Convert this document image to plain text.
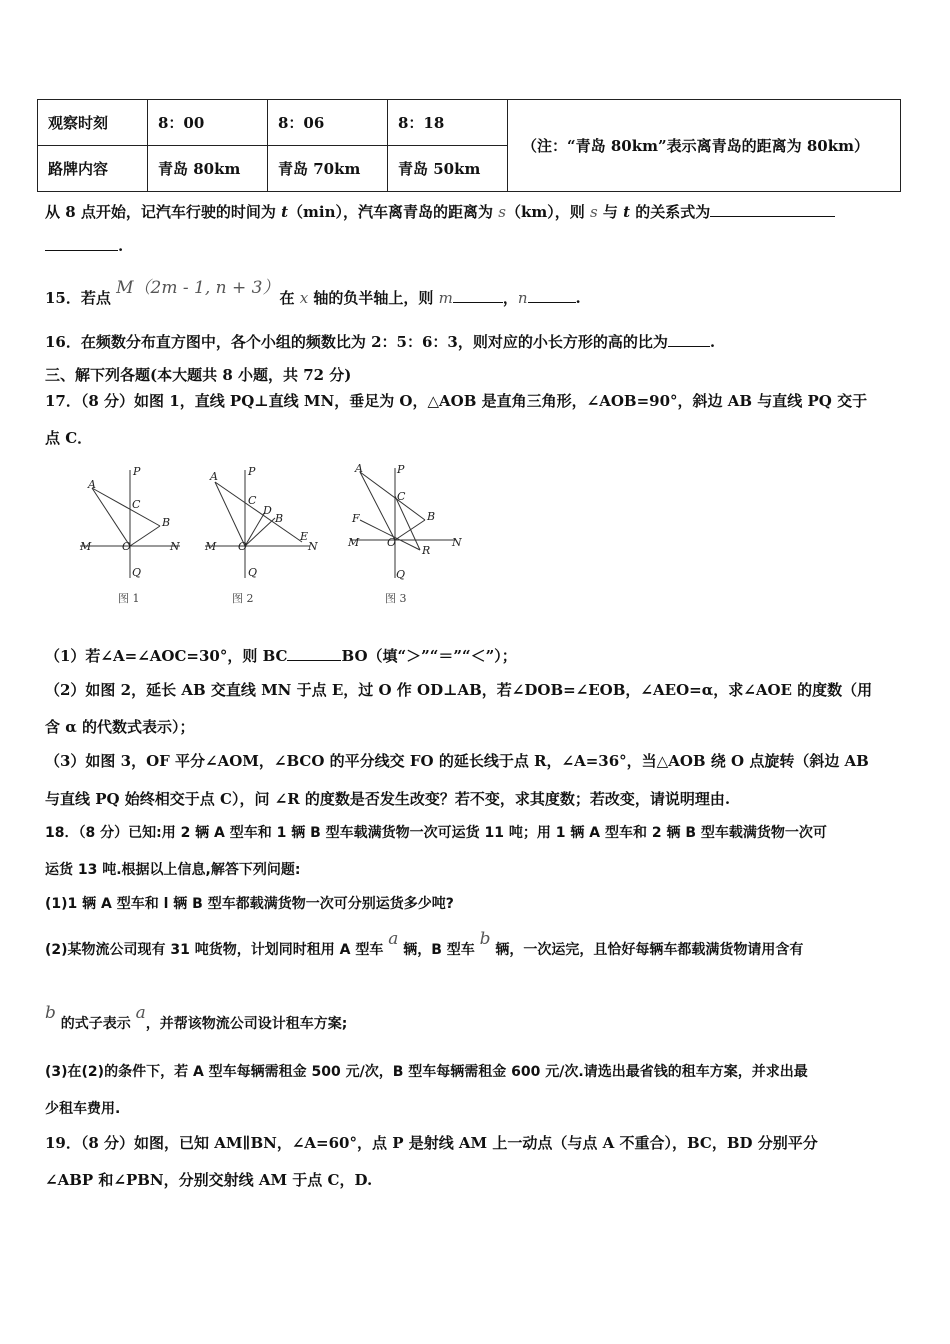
观察时刻	8：00	8：06	8：18	（注：“青岛 80km”表示离青岛的距离为 80km）
路牌内容	青岛 80km	青岛 70km	青岛 50km	
从 8 点开始，记汽车行驶的时间为 t（min），汽车离青岛的距离为 s（km），则 s 与 t 的关系式为
.
15．若点 M（2m - 1, n + 3）在 x 轴的负半轴上，则 m	，n	.
16．在频数分布直方图中，各个小组的频数比为 2：5：6：3，则对应的小长方形的高的比为	.
三、解下列各题(本大题共 8 小题，共 72 分)
17．（8 分）如图 1，直线 PQ⊥直线 MN，垂足为 O，△AOB 是直角三角形，∠AOB=90°，斜边 AB 与直线 PQ 交于
点 C．
A
P
C
B
M	O	N
Q
图 1
A	P
C
D
B
E
M O	N
Q
图 2
A	P
C
B
F
M	O	N
R
Q
图 3
（1）若∠A=∠AOC=30°，则 BC	BO（填“＞”“＝”“＜”）；
（2）如图 2，延长 AB 交直线 MN 于点 E，过 O 作 OD⊥AB，若∠DOB=∠EOB，∠AEO=α，求∠AOE 的度数（用
含 α 的代数式表示）；
（3）如图 3，OF 平分∠AOM，∠BCO 的平分线交 FO 的延长线于点 R，∠A=36°，当△AOB 绕 O 点旋转（斜边 AB
与直线 PQ 始终相交于点 C），问 ∠R 的度数是否发生改变？若不变，求其度数；若改变，请说明理由.
18．（8 分）已知:用 2 辆 A 型车和 1 辆 B 型车载满货物一次可运货 11 吨；用 1 辆 A 型车和 2 辆 B 型车载满货物一次可
运货 13 吨.根据以上信息,解答下列问题:
(1)1 辆 A 型车和 l 辆 B 型车都载满货物一次可分别运货多少吨?
(2)某物流公司现有 31 吨货物，计划同时租用 A 型车 a 辆，B 型车 b 辆，一次运完，且恰好每辆车都载满货物请用含有
b 的式子表示 a，并帮该物流公司设计租车方案;
(3)在(2)的条件下，若 A 型车每辆需租金 500 元/次，B 型车每辆需租金 600 元/次.请选出最省钱的租车方案，并求出最
少租车费用.
19．（8 分）如图，已知 AM∥BN，∠A=60°，点 P 是射线 AM 上一动点（与点 A 不重合），BC，BD 分别平分
∠ABP 和∠PBN，分别交射线 AM 于点 C，D.
